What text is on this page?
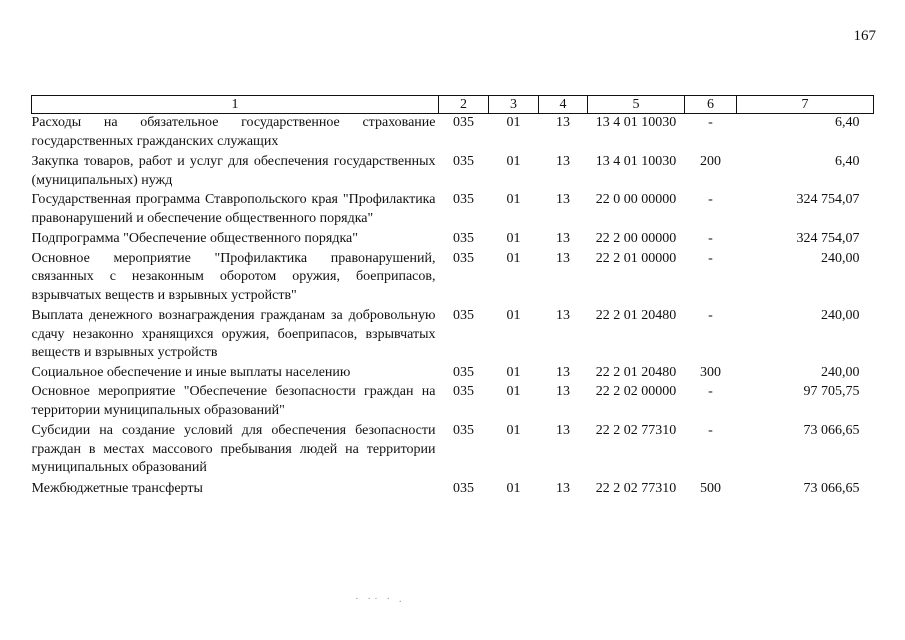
167
1	2	3	4	5	6	7
Расходы на обязательное государственное страхование государственных гражданских служащих	035	01	13	13 4 01 10030	-	6,40
Закупка товаров, работ и услуг для обеспечения государственных (муниципальных) нужд	035	01	13	13 4 01 10030	200	6,40
Государственная программа Ставропольского края "Профилактика правонарушений и обеспечение общественного порядка"	035	01	13	22 0 00 00000	-	324 754,07
Подпрограмма "Обеспечение общественного порядка"	035	01	13	22 2 00 00000	-	324 754,07
Основное мероприятие "Профилактика правонарушений, связанных с незаконным оборотом оружия, боеприпасов, взрывчатых веществ и взрывных устройств"	035	01	13	22 2 01 00000	-	240,00
Выплата денежного вознаграждения гражданам за добровольную сдачу незаконно хранящихся оружия, боеприпасов, взрывчатых веществ и взрывных устройств	035	01	13	22 2 01 20480	-	240,00
Социальное обеспечение и иные выплаты населению	035	01	13	22 2 01 20480	300	240,00
Основное мероприятие "Обеспечение безопасности граждан на территории муниципальных образований"	035	01	13	22 2 02 00000	-	97 705,75
Субсидии на создание условий для обеспечения безопасности граждан в местах массового пребывания людей на территории муниципальных образований	035	01	13	22 2 02 77310	-	73 066,65
Межбюджетные трансферты	035	01	13	22 2 02 77310	500	73 066,65
· ·· · .
